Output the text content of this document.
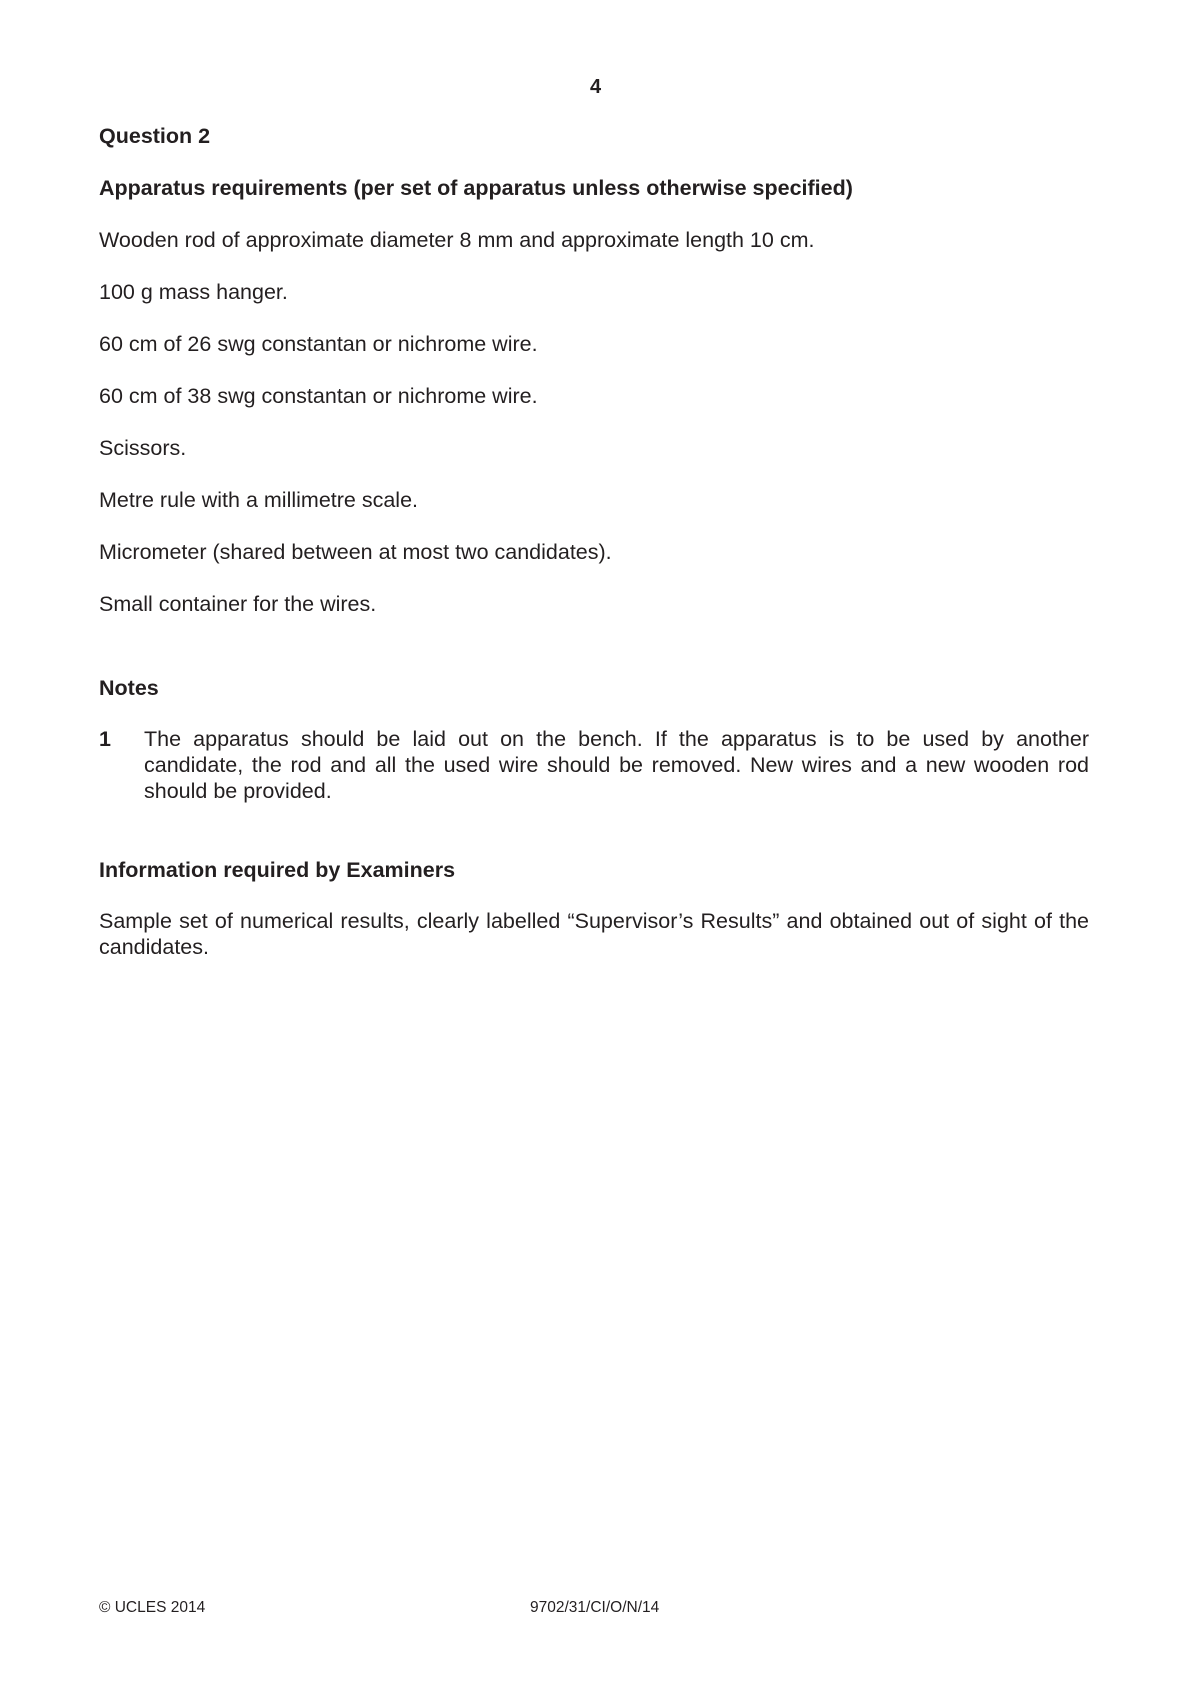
4

Question 2

Apparatus requirements (per set of apparatus unless otherwise specified)

Wooden rod of approximate diameter 8 mm and approximate length 10 cm.

100 g mass hanger.

60 cm of 26 swg constantan or nichrome wire.

60 cm of 38 swg constantan or nichrome wire.

Scissors.

Metre rule with a millimetre scale.

Micrometer (shared between at most two candidates).

Small container for the wires.

Notes

1	The apparatus should be laid out on the bench. If the apparatus is to be used by another candidate, the rod and all the used wire should be removed. New wires and a new wooden rod should be provided.

Information required by Examiners

Sample set of numerical results, clearly labelled “Supervisor’s Results” and obtained out of sight of the candidates.

© UCLES 2014	9702/31/CI/O/N/14
